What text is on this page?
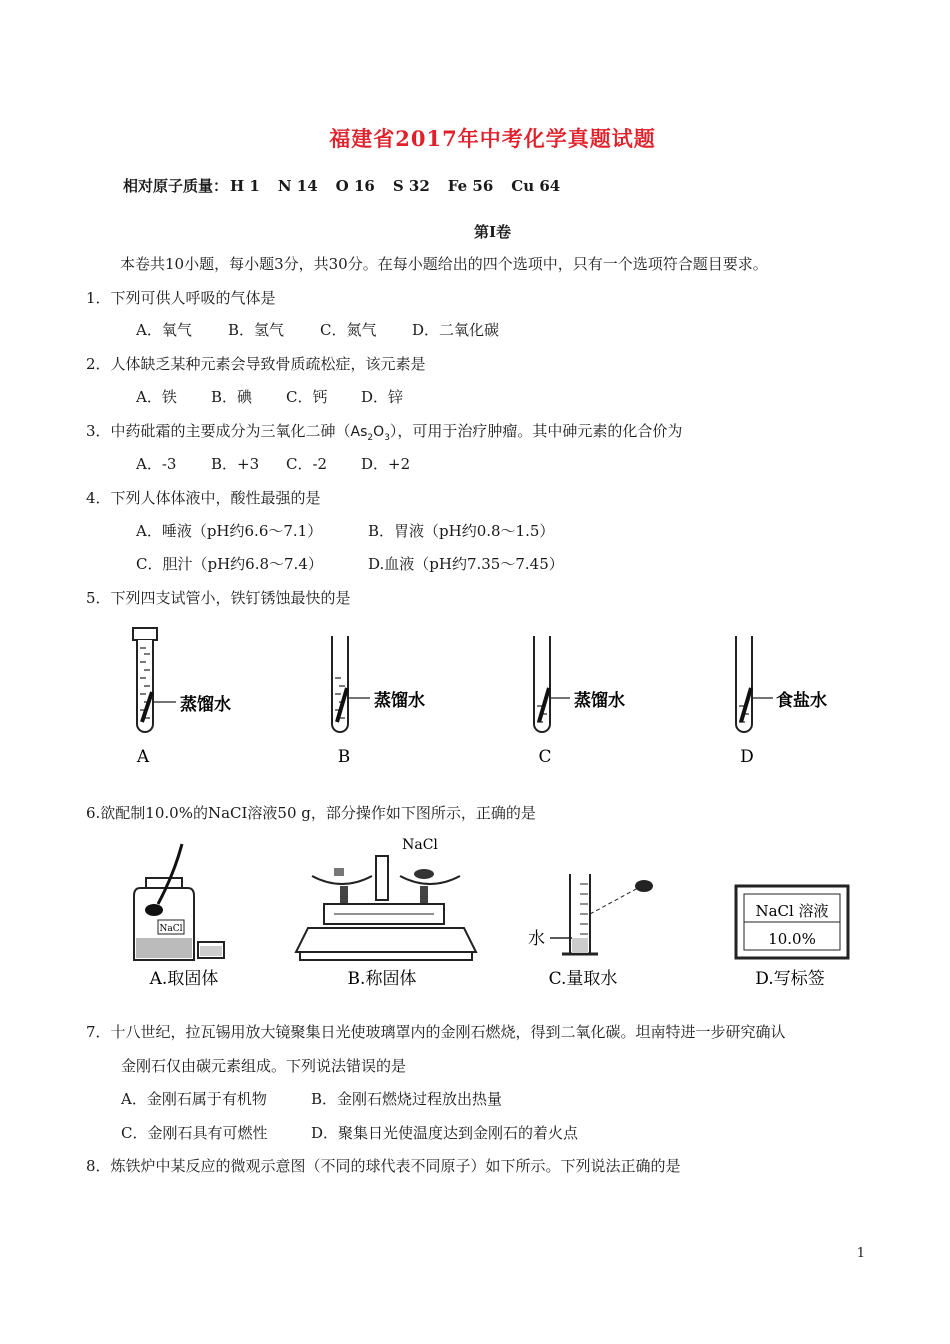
福建省2017年中考化学真题试题
相对原子质量： H 1 N 14 O 16 S 32 Fe 56 Cu 64
第Ⅰ卷
本卷共10小题，每小题3分，共30分。在每小题给出的四个选项中，只有一个选项符合题目要求。
1．下列可供人呼吸的气体是
A．氧气 B．氢气 C．氮气 D．二氧化碳
2．人体缺乏某种元素会导致骨质疏松症，该元素是
A．铁 B．碘 C．钙 D．锌
3．中药砒霜的主要成分为三氧化二砷$(As_2O_3)$，可用于治疗肿瘤。其中砷元素的化合价为
A．-3 B．+3 C．-2 D．+2
4．下列人体体液中，酸性最强的是
A．唾液（pH约6.6～7.1）	B．胃液（pH约0.8～1.5）
C．胆汁（pH约6.8～7.4）	D.血液（pH约7.35～7.45）
5．下列四支试管小，铁钉锈蚀最快的是
蒸馏水
A
蒸馏水
B
蒸馏水
C
食盐水
D
6.欲配制10.0%的NaCI溶液50 g，部分操作如下图所示，正确的是
NaCl
A.取固体
NaCl
B.称固体
水
C.量取水
NaCl 溶液
10.0%
D.写标签
7．十八世纪，拉瓦锡用放大镜聚集日光使玻璃罩内的金刚石燃烧，得到二氧化碳。坦南特进一步研究确认
金刚石仅由碳元素组成。下列说法错误的是
A．金刚石属于有机物	B．金刚石燃烧过程放出热量
C．金刚石具有可燃性	D．聚集日光使温度达到金刚石的着火点
8．炼铁炉中某反应的微观示意图（不同的球代表不同原子）如下所示。下列说法正确的是
1
